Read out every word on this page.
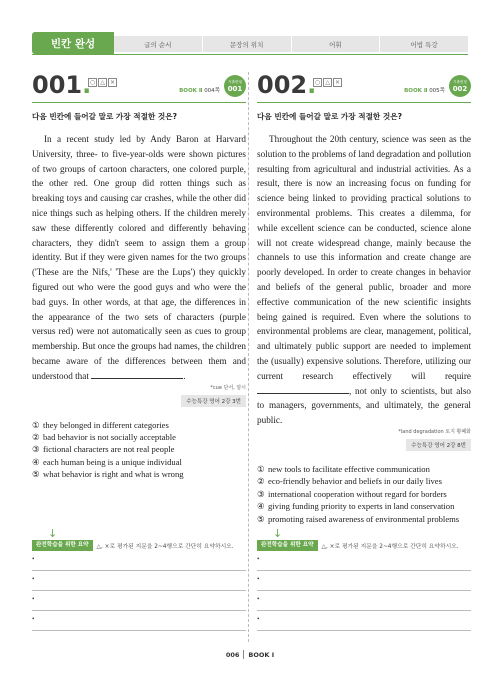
빈칸 완성	글의 순서	문장의 위치	어휘	어법 특강
001.
○ △ ×
BOOK Ⅱ 004쪽
기출변형
001
다음 빈칸에 들어갈 말로 가장 적절한 것은?

In a recent study led by Andy Baron at Harvard University, three- to five-year-olds were shown pictures of two groups of cartoon characters, one colored purple, the other red. One group did rotten things such as breaking toys and causing car crashes, while the other did nice things such as helping others. If the children merely saw these differently colored and differently behaving characters, they didn't seem to assign them a group identity. But if they were given names for the two groups ('These are the Nifs,' 'These are the Lups') they quickly figured out who were the good guys and who were the bad guys. In other words, at that age, the differences in the appearance of the two sets of characters (purple versus red) were not automatically seen as cues to group membership. But once the groups had names, the children became aware of the differences between them and understood that	.

*cue 단서, 암시
수능특강 영어 2강 3번
① they belonged in different categories
② bad behavior is not socially acceptable
③ fictional characters are not real people
④ each human being is a unique individual
⑤ what behavior is right and what is wrong
002.
○ △ ×
BOOK Ⅱ 005쪽
기출변형
002
다음 빈칸에 들어갈 말로 가장 적절한 것은?

Throughout the 20th century, science was seen as the solution to the problems of land degradation and pollution resulting from agricultural and industrial activities. As a result, there is now an increasing focus on funding for science being linked to providing practical solutions to environmental problems. This creates a dilemma, for while excellent science can be conducted, science alone will not create widespread change, mainly because the channels to use this information and create change are poorly developed. In order to create changes in behavior and beliefs of the general public, broader and more effective communication of the new scientific insights being gained is required. Even where the solutions to environmental problems are clear, management, political, and ultimately public support are needed to implement the (usually) expensive solutions. Therefore, utilizing our current research effectively will require , not only to scientists, but also to managers, governments, and ultimately, the general public.

*land degradation 토지 황폐화
수능특강 영어 2강 8번
① new tools to facilitate effective communication
② eco-friendly behavior and beliefs in our daily lives
③ international cooperation without regard for borders
④ giving funding priority to experts in land conservation
⑤ promoting raised awareness of environmental problems
↓
완전학습을 위한 요약	△, ×로 평가된 지문을 2~4행으로 간단히 요약하시오.
•
•
•
•
↓
완전학습을 위한 요약	△, ×로 평가된 지문을 2~4행으로 간단히 요약하시오.
•
•
•
•
006 BOOK Ⅰ
